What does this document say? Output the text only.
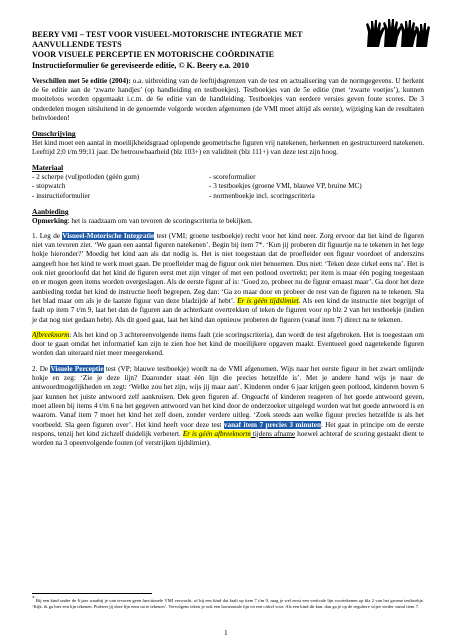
BEERY VMI – TEST VOOR VISUEEL-MOTORISCHE INTEGRATIE MET AANVULLENDE TESTS
VOOR VISUELE PERCEPTIE EN MOTORISCHE COÖRDINATIE
Instructieformulier 6e gereviseerde editie, © K. Beery e.a. 2010

Verschillen met 5e editie (2004): o.a. uitbreiding van de leeftijdsgrenzen van de test en actualisering van de normgegevens. U herkent de 6e editie aan de ‘zwarte handjes’ (op handleiding en testboekjes). Testboekjes van de 5e editie (met ‘zwarte voetjes’), kunnen mooiteloos worden opgemaakt i.c.m. de 6e editie van de handleiding. Testboekjes van eerdere versies geven foute scores. De 3 onderdelen mogen uitsluitend in de genoemde volgorde worden afgenomen (de VMI moet altijd als eerste), wijziging kan de resultaten beïnvloeden!

Omschrijving

Het kind moet een aantal in moeilijkheidsgraad oplopende geometrische figuren vrij natekenen, herkennen en gestructureerd natekenen. Leeftijd 2;0 t/m 99;11 jaar. De betrouwbaarheid (blz 103+) en validiteit (blz 111+) van deze test zijn hoog.

Materiaal
- 2 scherpe (vul)potloden (géén gum)	- scoreformulier
- stopwatch	- 3 testboekjes (groene VMI, blauwe VP, bruine MC)
- instructieformulier	- normenboekje incl. scoringscriteria
Aanbieding

Opmerking: het is raadzaam om van tevoren de scoringscriteria te bekijken.

1. Leg de Visueel-Motorische Integratie test (VMI; groene testboekje) recht voor het kind neer. Zorg ervoor dat het kind de figuren niet van tevoren ziet. ‘We gaan een aantal figuren natekenen’. Begin bij item 7*. ‘Kun jij proberen dit figuurtje na te tekenen in het lege hokje hieronder?’ Moedig het kind aan als dat nodig is. Het is niet toegestaan dat de proefleider een figuur voordoet of anderszins aangeeft hoe het kind te werk moet gaan. De proefleider mag de figuur ook niet benoemen. Dus niet: ‘Teken deze cirkel eens na’. Het is ook niet geoorloofd dat het kind de figuren eerst met zijn vinger of met een potlood overtrekt; per item is maar één poging toegestaan en er mogen geen items worden overgeslagen. Als de eerste figuur af is: ‘Goed zo, probeer nu de figuur ernaast maar’. Ga door het deze aanbieding totdat het kind de instructie heeft begrepen. Zeg dan: ‘Ga zo maar door en probeer de rest van de figuren na te tekenen. Sla het blad maar om als je de laatste figuur van deze bladzijde af hebt’. Er is géén tijdslimiet. Als een kind de instructie niet begrijpt of faalt op item 7 t/m 9, laat het dan de figuren aan de achterkant overtrekken of teken de figuren voor op blz 2 van het testboekje (indien je dat nog niet gedaan hebt). Als dit goed gaat, laat het kind dan opnieuw proberen de figuren (vanaf item 7) direct na te tekenen.

Afbreeknorm: Als het kind op 3 achtereenvolgende items faalt (zie scoringscriteria), dan wordt de test afgebroken. Het is toegestaan om door te gaan omdat het informatief kan zijn te zien hoe het kind de moeilijkere opgaven maakt. Eventueel goed nagetekende figuren worden dan uiteraard niet meer meegerekend.

2. De Visuele Perceptie test (VP; blauwe testboekje) wordt na de VMI afgenomen. Wijs naar het eerste figuur in het zwart omlijnde hokje en zeg: ‘Zie je deze lijn? Daaronder staat één lijn die precies hetzelfde is’. Met je andere hand wijs je naar de antwoordmogelijkheden en zegt: ‘Welke zou het zijn, wijs jij maar aan’. Kinderen onder 6 jaar krijgen geen potlood, kinderen boven 6 jaar kunnen het juiste antwoord zelf aankruisen. Dek geen figuren af. Ongeacht of kinderen reageren of het goede antwoord geven, moet alleen bij items 4 t/m 6 na het gegeven antwoord van het kind door de onderzoeker uitgelegd worden wat het goede antwoord is en waarom. Vanaf item 7 moet het kind het zelf doen, zonder verdere uitleg. ‘Zoek steeds aan welke figuur precies hetzelfde is als het voorbeeld. Sla geen figuren over’. Het kind heeft voor deze test vanaf item 7 precies 3 minuten. Het gaat in principe om de eerste respons, tenzij het kind zichzelf duidelijk verbetert. Er is géén afbreeknorm tijdens afname hoewel achteraf de scoring gestaakt dient te worden na 3 opeenvolgende fouten (of verstrijken tijdslimiet).

* Bij een kind onder de 6 jaar waarbij je van tevoren geen functionele VMI verwacht, of bij een kind dat faalt op item 7 t/m 9, mag je wel eerst een verticale lijn voortekenen op blz 2 van het groene testboekje. ‘Kijk, ik ga hier een lijn tekenen. Probeer jij deze lijn eens na te tekenen’. Vervolgens teken je ook een horizontale lijn en een cirkel voor. Als een kind dit kan, dan ga je op de reguliere wijze verder vanaf item 7.
1
